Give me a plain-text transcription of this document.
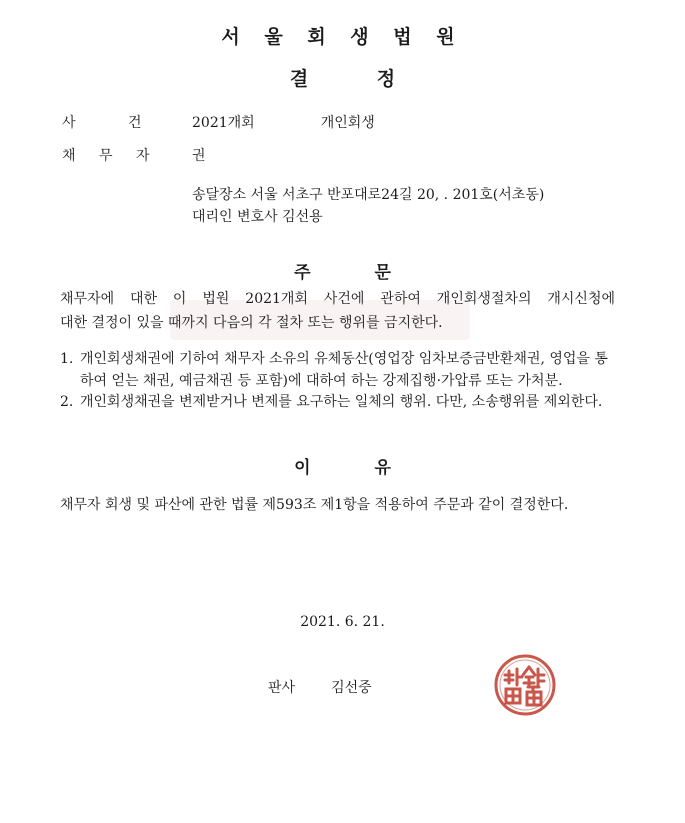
서 울 회 생 법 원
결 정
사 건	2021개회	개인회생
채 무 자	권
송달장소 서울 서초구 반포대로24길 20, . 201호(서초동)
대리인 변호사 김선용
주 문
채무자에 대한 이 법원 2021개회 사건에 관하여 개인회생절차의 개시신청에
대한 결정이 있을 때까지 다음의 각 절차 또는 행위를 금지한다.
1. 개인회생채권에 기하여 채무자 소유의 유체동산(영업장 임차보증금반환채권, 영업을 통하여 얻는 채권, 예금채권 등 포함)에 대하여 하는 강제집행·가압류 또는 가처분.
2. 개인회생채권을 변제받거나 변제를 요구하는 일체의 행위. 다만, 소송행위를 제외한다.
이 유
채무자 회생 및 파산에 관한 법률 제593조 제1항을 적용하여 주문과 같이 결정한다.
2021. 6. 21.
판사	김선중
